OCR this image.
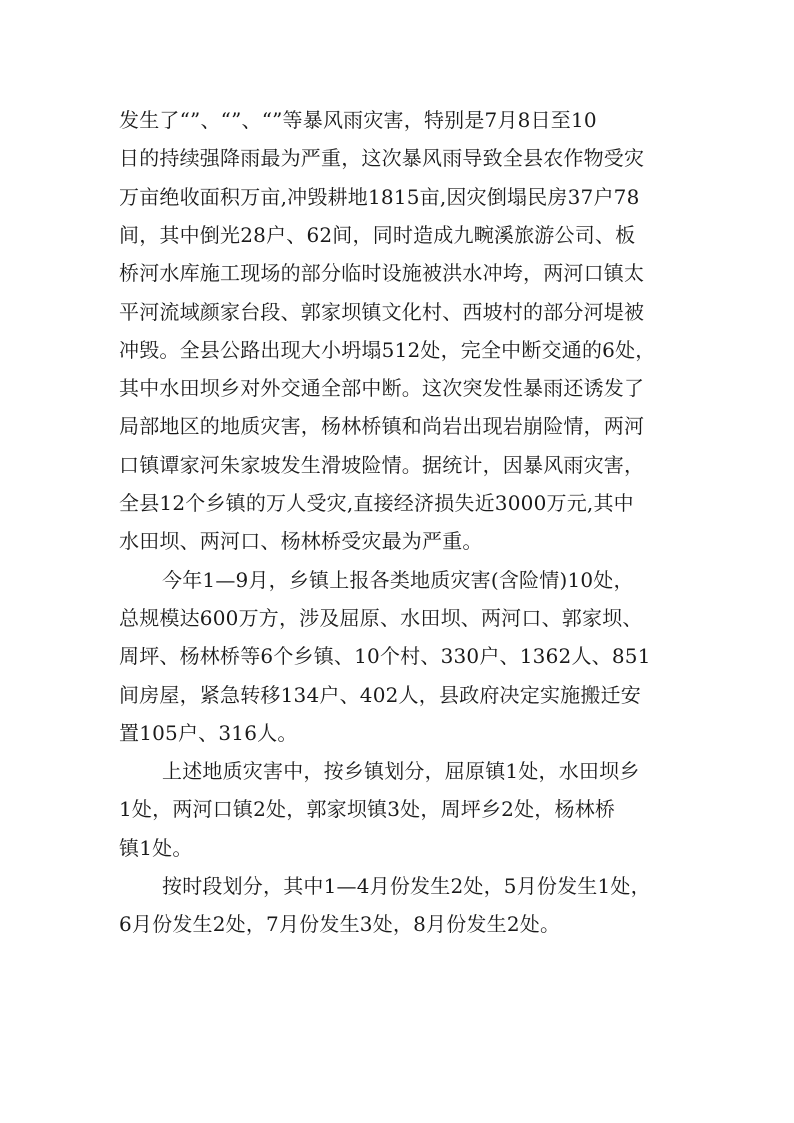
发生了“”、“”、“”等暴风雨灾害，特别是7月8日至10
日的持续强降雨最为严重，这次暴风雨导致全县农作物受灾
万亩绝收面积万亩,冲毁耕地1815亩,因灾倒塌民房37户78
间，其中倒光28户、62间，同时造成九畹溪旅游公司、板
桥河水库施工现场的部分临时设施被洪水冲垮，两河口镇太
平河流域颜家台段、郭家坝镇文化村、西坡村的部分河堤被
冲毁。全县公路出现大小坍塌512处，完全中断交通的6处，
其中水田坝乡对外交通全部中断。这次突发性暴雨还诱发了
局部地区的地质灾害，杨林桥镇和尚岩出现岩崩险情，两河
口镇谭家河朱家坡发生滑坡险情。据统计，因暴风雨灾害，
全县12个乡镇的万人受灾,直接经济损失近3000万元,其中
水田坝、两河口、杨林桥受灾最为严重。
今年1—9月，乡镇上报各类地质灾害(含险情)10处，
总规模达600万方，涉及屈原、水田坝、两河口、郭家坝、
周坪、杨林桥等6个乡镇、10个村、330户、1362人、851
间房屋，紧急转移134户、402人，县政府决定实施搬迁安
置105户、316人。
上述地质灾害中，按乡镇划分，屈原镇1处，水田坝乡
1处，两河口镇2处，郭家坝镇3处，周坪乡2处，杨林桥
镇1处。
按时段划分，其中1—4月份发生2处，5月份发生1处，
6月份发生2处，7月份发生3处，8月份发生2处。
